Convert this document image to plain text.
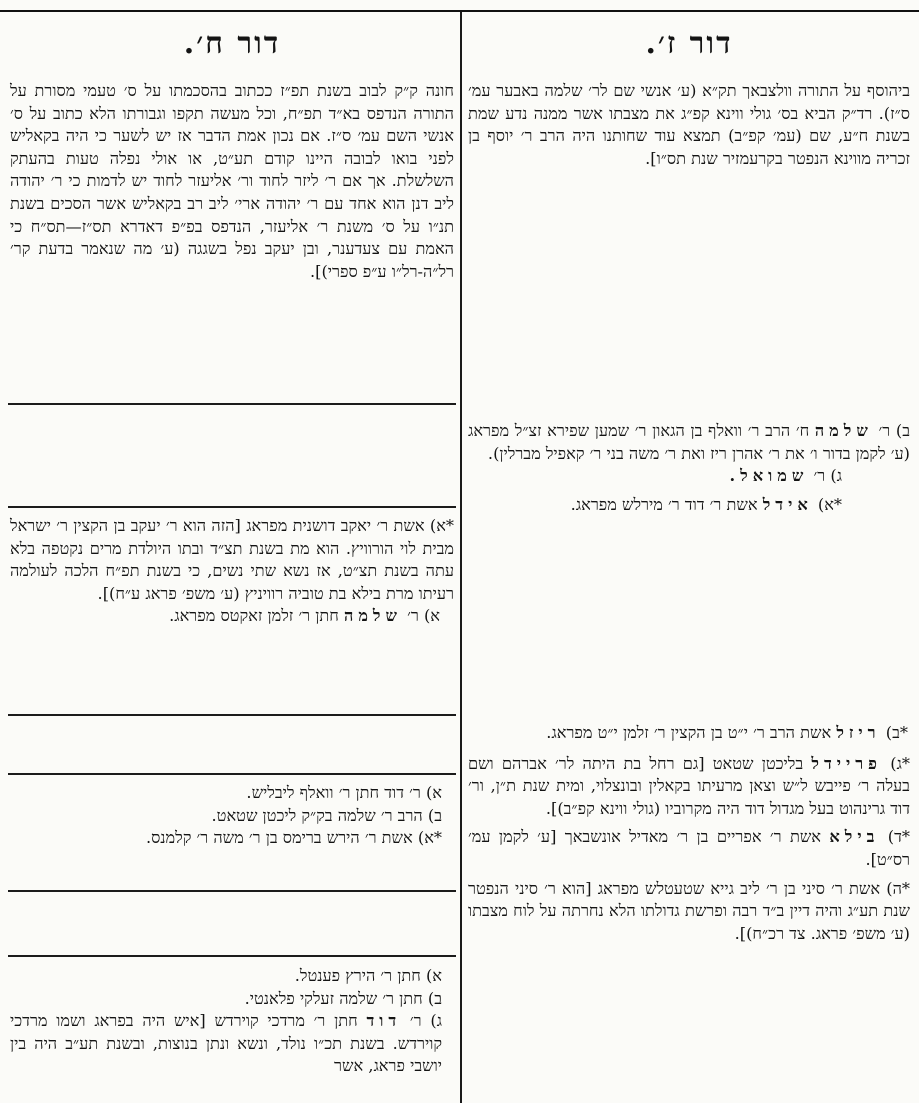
דור ז׳.

ביהוסף על התורה וולצבאך תק״א (ע׳ אנשי שם לר׳ שלמה באבער עמ׳ ס״ז). רד״ק הביא בס׳ גולי ווינא קפ״ג את מצבתו אשר ממנה נדע שמת בשנת ח״ע, שם (עמ׳ קפ״ב) תמצא עוד שחותנו היה הרב ר׳ יוסף בן זכריה מווינא הנפטר בקרעמזיר שנת תס״ו].

ב) ר׳ שלמה ח׳ הרב ר׳ וואלף בן הגאון ר׳ שמען שפירא זצ״ל מפראג (ע׳ לקמן בדור ו׳ את ר׳ אהרן ריז ואת ר׳ משה בני ר׳ קאפיל מברלין).

ג) ר׳ שמואל.

*א) אידל אשת ר׳ דוד ר׳ מירלש מפראג.

*ב) ריזל אשת הרב ר׳ י״ט בן הקצין ר׳ זלמן י״ט מפראג.

*ג) פריידל בליכטן שטאט [גם רחל בת היתה לר׳ אברהם ושם בעלה ר׳ פייבש ל״ש וצאן מרעיתו בקאלין ובונצלוי, ומית שנת ת״ן, ור׳ דוד גרינהוט בעל מגדול דוד היה מקרוביו (גולי ווינא קפ״ב)].

*ד) בילא אשת ר׳ אפריים בן ר׳ מאדיל אונשבאך [ע׳ לקמן עמ׳ רס״ט].

*ה) אשת ר׳ סיני בן ר׳ ליב גייא שטעטלש מפראג [הוא ר׳ סיני הנפטר שנת תע״ג והיה דיין ב״ד רבה ופרשת גדולתו הלא נחרתה על לוח מצבתו (ע׳ משפ׳ פראג. צד רכ״ח)].

דור ח׳.

חונה ק״ק לבוב בשנת תפ״ז ככתוב בהסכמתו על ס׳ טעמי מסורת על התורה הנדפס בא״ד תפ״ח, וכל מעשה תקפו וגבורתו הלא כתוב על ס׳ אנשי השם עמ׳ ס״ז. אם נכון אמת הדבר אז יש לשער כי היה בקאליש לפני בואו לבובה היינו קודם תע״ט, או אולי נפלה טעות בהעתק השלשלת. אך אם ר׳ ליזר לחוד ור׳ אליעזר לחוד יש לדמות כי ר׳ יהודה ליב דנן הוא אחד עם ר׳ יהודה ארי׳ ליב רב בקאליש אשר הסכים בשנת תנ״ו על ס׳ משנת ר׳ אליעזר, הנדפס בפ״פ דאדרא תס״ז—תס״ח כי האמת עם צעדענר, ובן יעקב נפל בשגגה (ע׳ מה שנאמר בדעת קר׳ רל״ה-רל״ו ע״פ ספרי)].

*א) אשת ר׳ יאקב דושנית מפראג [הזה הוא ר׳ יעקב בן הקצין ר׳ ישראל מבית לוי הורוויץ. הוא מת בשנת תצ״ד ובתו היולדת מרים נקטפה בלא עתה בשנת תצ״ט, אז נשא שתי נשים, כי בשנת תפ״ח הלכה לעולמה רעיתו מרת בילא בת טוביה רוויניץ (ע׳ משפ׳ פראג ע״ח)].

א) ר׳ שלמה חתן ר׳ זלמן זאקטס מפראג.

א) ר׳ דוד חתן ר׳ וואלף ליבליש.

ב) הרב ר׳ שלמה בק״ק ליכטן שטאט.

*א) אשת ר׳ הירש ברימס בן ר׳ משה ר׳ קלמנס.

א) חתן ר׳ הירץ פענטל.

ב) חתן ר׳ שלמה זעלקי פלאנטי.

ג) ר׳ דוד חתן ר׳ מרדכי קוירדש [איש היה בפראג ושמו מרדכי קוירדש. בשנת תכ״ו נולד, ונשא ונתן בנוצות, ובשנת תע״ב היה בין יושבי פראג, אשר
